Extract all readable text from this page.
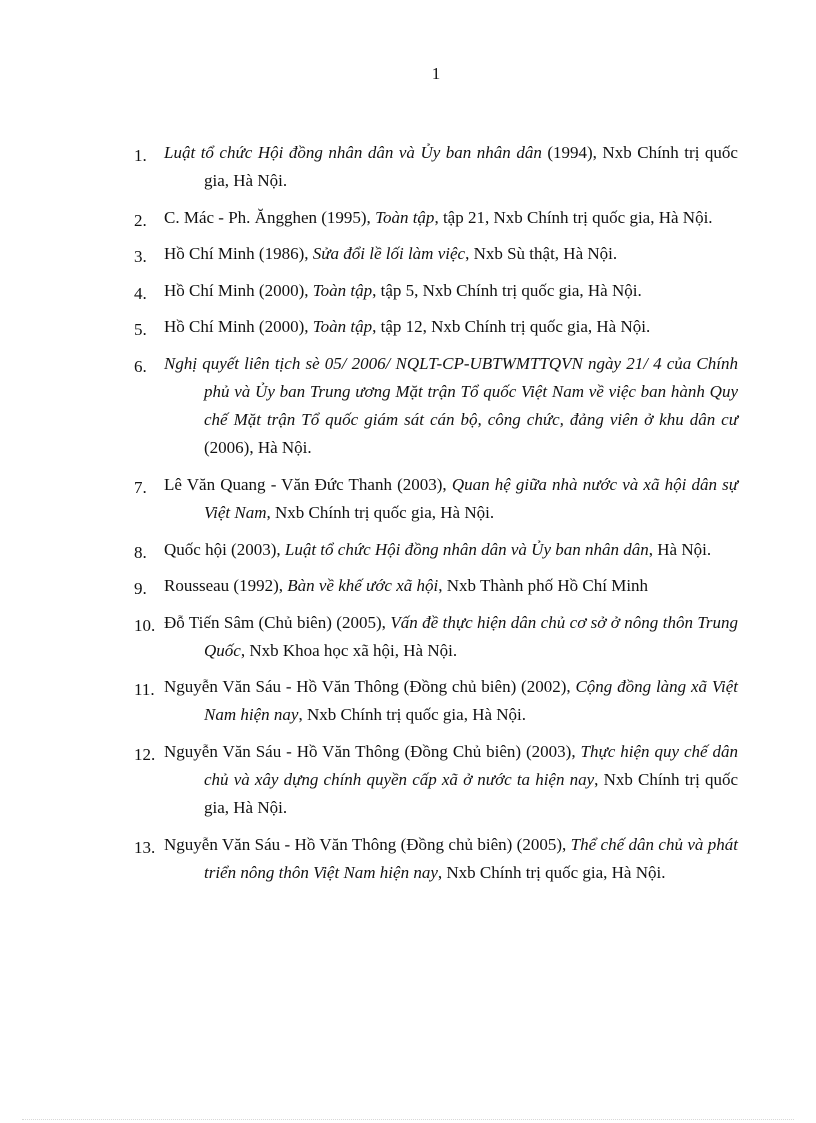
1
1. Luật tổ chức Hội đồng nhân dân và Ủy ban nhân dân (1994), Nxb Chính trị quốc gia, Hà Nội.
2. C. Mác - Ph. Ăngghen (1995), Toàn tập, tập 21, Nxb Chính trị quốc gia, Hà Nội.
3. Hồ Chí Minh (1986), Sửa đổi lề lối làm việc, Nxb Sù thật, Hà Nội.
4. Hồ Chí Minh (2000), Toàn tập, tập 5, Nxb Chính trị quốc gia, Hà Nội.
5. Hồ Chí Minh (2000), Toàn tập, tập 12, Nxb Chính trị quốc gia, Hà Nội.
6. Nghị quyết liên tịch sè 05/ 2006/ NQLT-CP-UBTWMTTQVN ngày 21/ 4 của Chính phủ và Ủy ban Trung ương Mặt trận Tổ quốc Việt Nam về việc ban hành Quy chế Mặt trận Tổ quốc giám sát cán bộ, công chức, đảng viên ở khu dân cư (2006), Hà Nội.
7. Lê Văn Quang - Văn Đức Thanh (2003), Quan hệ giữa nhà nước và xã hội dân sự Việt Nam, Nxb Chính trị quốc gia, Hà Nội.
8. Quốc hội (2003), Luật tổ chức Hội đồng nhân dân và Ủy ban nhân dân, Hà Nội.
9. Rousseau (1992), Bàn về khế ước xã hội, Nxb Thành phố Hồ Chí Minh
10. Đỗ Tiến Sâm (Chủ biên) (2005), Vấn đề thực hiện dân chủ cơ sở ở nông thôn Trung Quốc, Nxb Khoa học xã hội, Hà Nội.
11. Nguyễn Văn Sáu - Hồ Văn Thông (Đồng chủ biên) (2002), Cộng đồng làng xã Việt Nam hiện nay, Nxb Chính trị quốc gia, Hà Nội.
12. Nguyễn Văn Sáu - Hồ Văn Thông (Đồng Chủ biên) (2003), Thực hiện quy chế dân chủ và xây dựng chính quyền cấp xã ở nước ta hiện nay, Nxb Chính trị quốc gia, Hà Nội.
13. Nguyễn Văn Sáu - Hồ Văn Thông (Đồng chủ biên) (2005), Thể chế dân chủ và phát triển nông thôn Việt Nam hiện nay, Nxb Chính trị quốc gia, Hà Nội.
